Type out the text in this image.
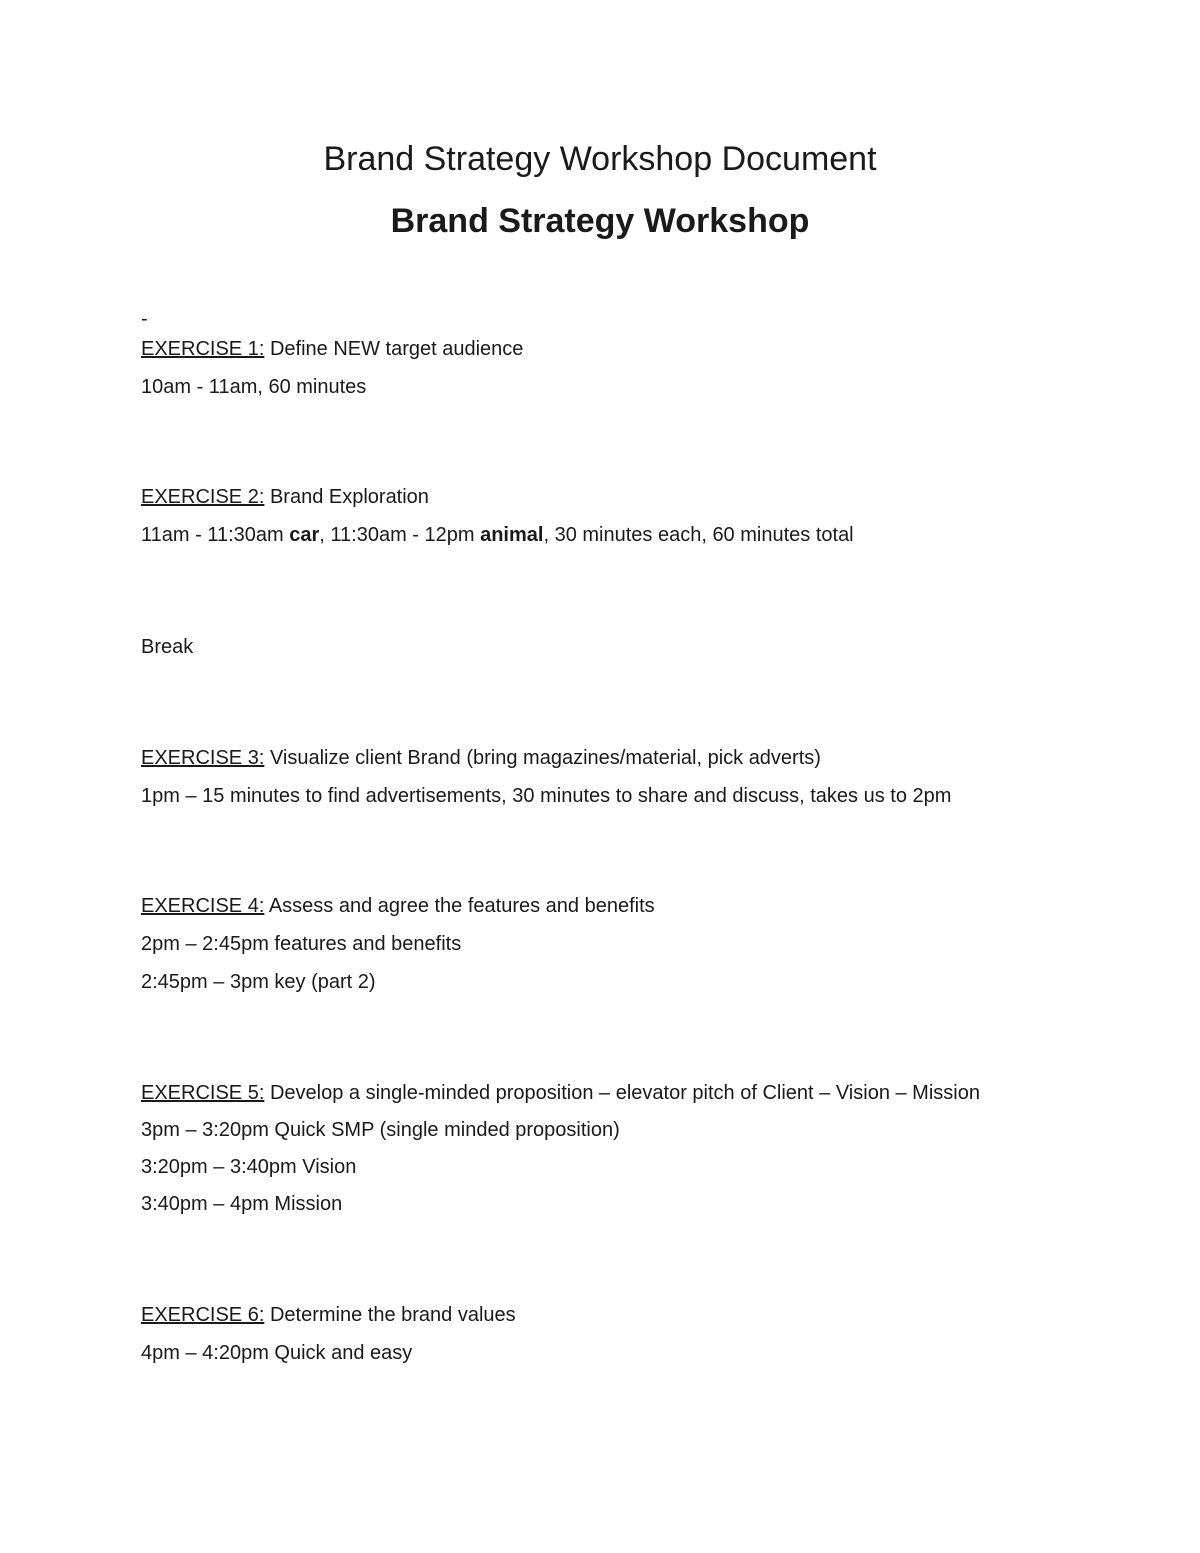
Brand Strategy Workshop Document
Brand Strategy Workshop

-

EXERCISE 1: Define NEW target audience

10am - 11am, 60 minutes

EXERCISE 2: Brand Exploration

11am - 11:30am car, 11:30am - 12pm animal, 30 minutes each, 60 minutes total

Break

EXERCISE 3: Visualize client Brand (bring magazines/material, pick adverts)

1pm – 15 minutes to find advertisements, 30 minutes to share and discuss, takes us to 2pm

EXERCISE 4: Assess and agree the features and benefits

2pm – 2:45pm features and benefits

2:45pm – 3pm key (part 2)

EXERCISE 5: Develop a single-minded proposition – elevator pitch of Client – Vision – Mission

3pm – 3:20pm Quick SMP (single minded proposition)

3:20pm – 3:40pm Vision

3:40pm – 4pm Mission

EXERCISE 6: Determine the brand values

4pm – 4:20pm Quick and easy
